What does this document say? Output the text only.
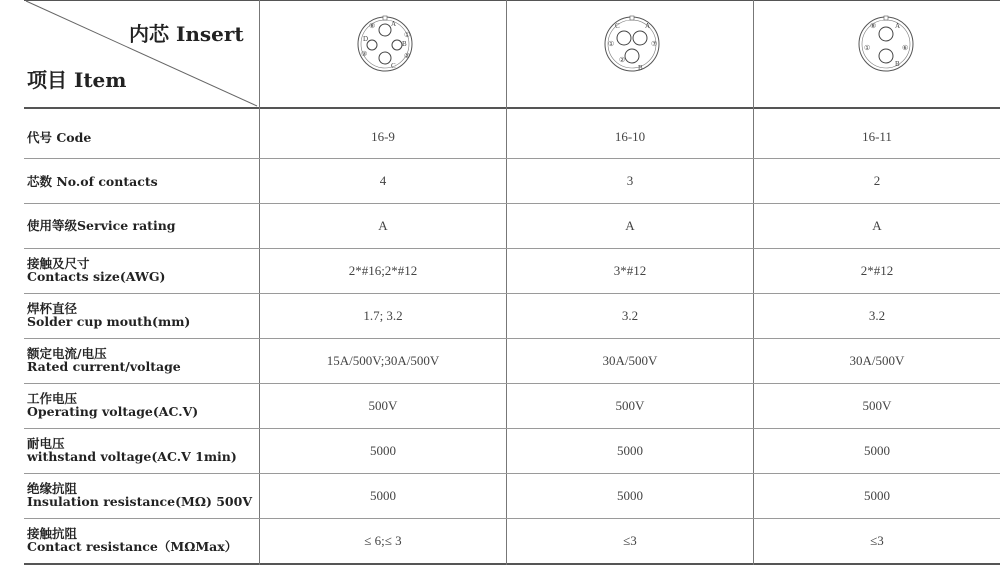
内芯 Insert
项目 Item
A
B
C
D
⑧
①
②
③
A
B
C
⑦
①
②
A
B
⑧
①	⑥
代号 Code	16-9	16-10	16-11
芯数 No.of contacts	4	3	2
使用等级Service rating	A	A	A
接触及尺寸
Contacts size(AWG)	2*#16;2*#12	3*#12	2*#12
焊杯直径
Solder cup mouth(mm)	1.7; 3.2	3.2	3.2
额定电流/电压
Rated current/voltage	15A/500V;30A/500V	30A/500V	30A/500V
工作电压
Operating voltage(AC.V)	500V	500V	500V
耐电压
withstand voltage(AC.V 1min)	5000	5000	5000
绝缘抗阻
Insulation resistance(MΩ) 500V	5000	5000	5000
接触抗阻
Contact resistance（MΩMax）	≤ 6;≤ 3	≤3	≤3
